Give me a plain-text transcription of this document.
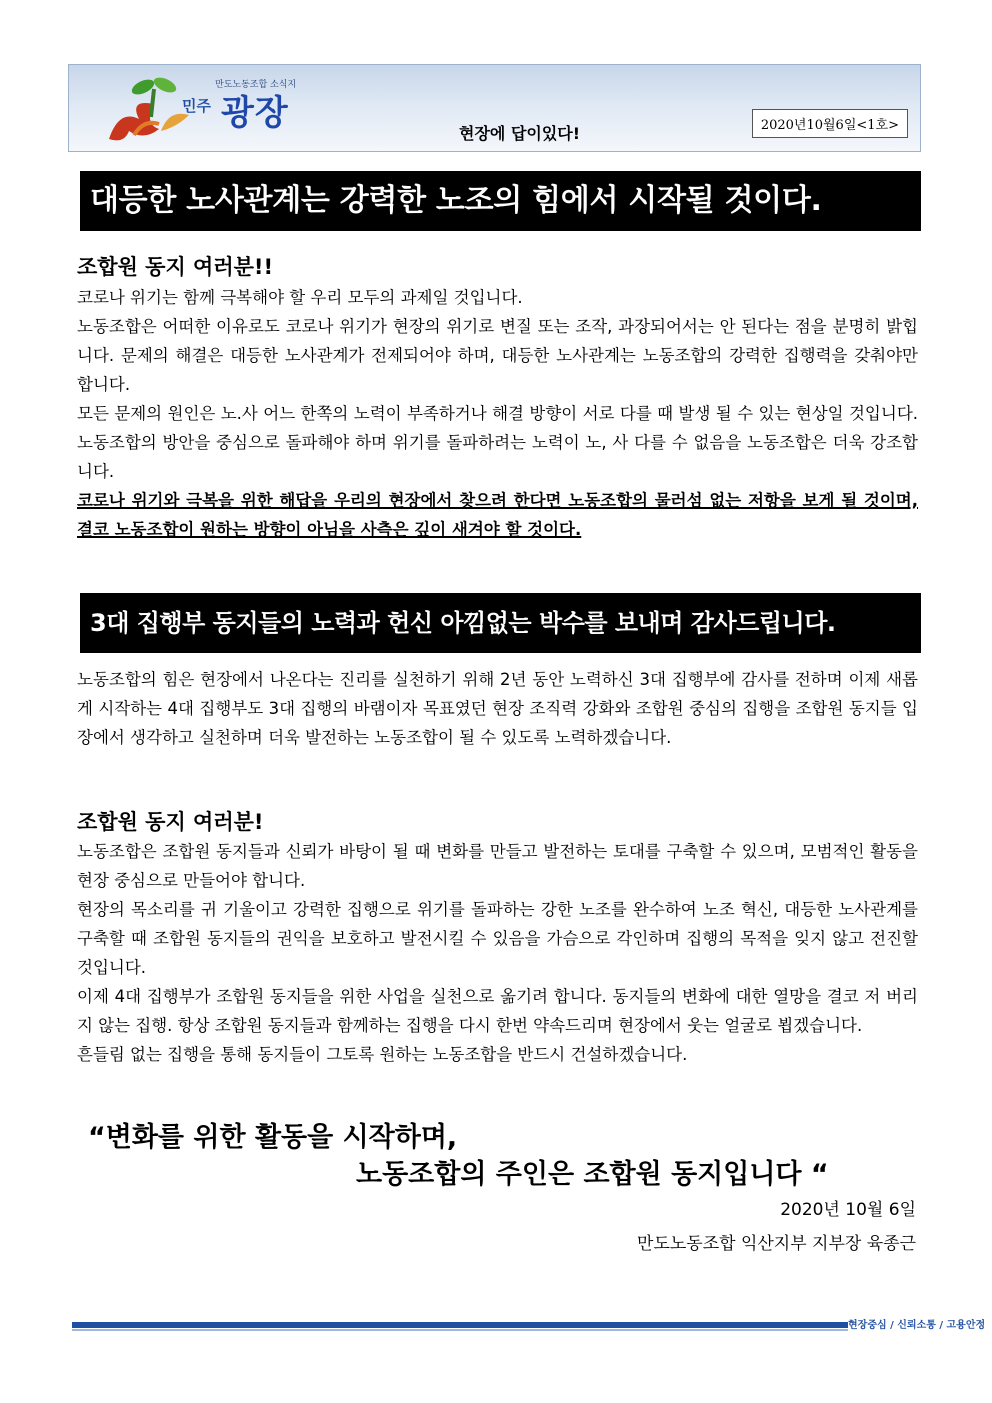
만도노동조합 소식지
민주 광장
현장에 답이있다!	2020년10월6일<1호>
대등한 노사관계는 강력한 노조의 힘에서 시작될 것이다.
조합원 동지 여러분!!
코로나 위기는 함께 극복해야 할 우리 모두의 과제일 것입니다.
노동조합은 어떠한 이유로도 코로나 위기가 현장의 위기로 변질 또는 조작, 과장되어서는 안 된다는 점을 분명히 밝힙니다. 문제의 해결은 대등한 노사관계가 전제되어야 하며, 대등한 노사관계는 노동조합의 강력한 집행력을 갖춰야만 합니다.
모든 문제의 원인은 노.사 어느 한쪽의 노력이 부족하거나 해결 방향이 서로 다를 때 발생 될 수 있는 현상일 것입니다. 노동조합의 방안을 중심으로 돌파해야 하며 위기를 돌파하려는 노력이 노, 사 다를 수 없음을 노동조합은 더욱 강조합니다.
코로나 위기와 극복을 위한 해답을 우리의 현장에서 찾으려 한다면 노동조합의 물러섬 없는 저항을 보게 될 것이며, 결코 노동조합이 원하는 방향이 아님을 사측은 깊이 새겨야 할 것이다.
3대 집행부 동지들의 노력과 헌신 아낌없는 박수를 보내며 감사드립니다.
노동조합의 힘은 현장에서 나온다는 진리를 실천하기 위해 2년 동안 노력하신 3대 집행부에 감사를 전하며 이제 새롭게 시작하는 4대 집행부도 3대 집행의 바램이자 목표였던 현장 조직력 강화와 조합원 중심의 집행을 조합원 동지들 입장에서 생각하고 실천하며 더욱 발전하는 노동조합이 될 수 있도록 노력하겠습니다.
조합원 동지 여러분!
노동조합은 조합원 동지들과 신뢰가 바탕이 될 때 변화를 만들고 발전하는 토대를 구축할 수 있으며, 모범적인 활동을 현장 중심으로 만들어야 합니다.
현장의 목소리를 귀 기울이고 강력한 집행으로 위기를 돌파하는 강한 노조를 완수하여 노조 혁신, 대등한 노사관계를 구축할 때 조합원 동지들의 권익을 보호하고 발전시킬 수 있음을 가슴으로 각인하며 집행의 목적을 잊지 않고 전진할 것입니다.
이제 4대 집행부가 조합원 동지들을 위한 사업을 실천으로 옮기려 합니다. 동지들의 변화에 대한 열망을 결코 저 버리지 않는 집행. 항상 조합원 동지들과 함께하는 집행을 다시 한번 약속드리며 현장에서 웃는 얼굴로 뵙겠습니다.
흔들림 없는 집행을 통해 동지들이 그토록 원하는 노동조합을 반드시 건설하겠습니다.
“변화를 위한 활동을 시작하며,
노동조합의 주인은 조합원 동지입니다 “
2020년 10월 6일
만도노동조합 익산지부 지부장 육종근
현장중심 / 신뢰소통 / 고용안정
